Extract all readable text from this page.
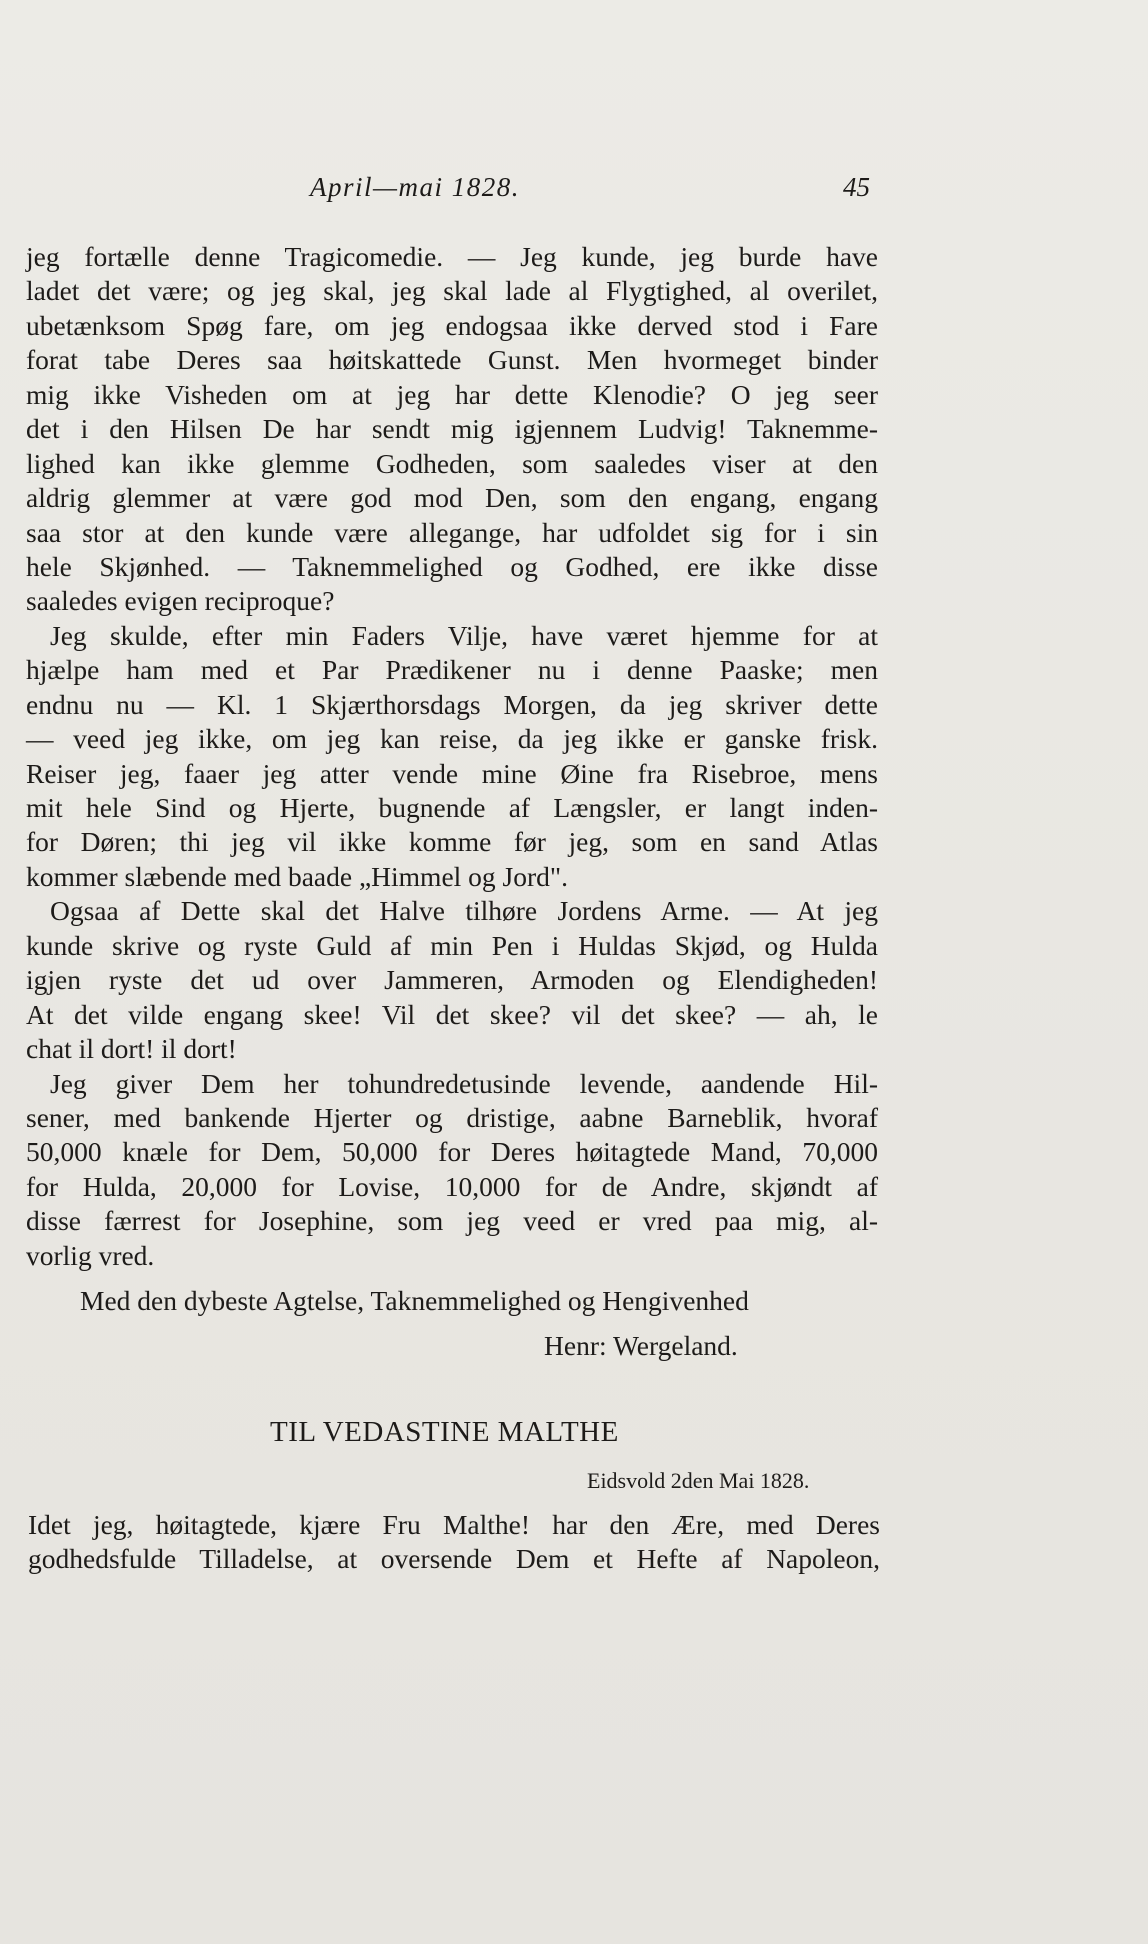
April—mai 1828.	45
jeg fortælle denne Tragicomedie. — Jeg kunde, jeg burde have
ladet det være; og jeg skal, jeg skal lade al Flygtighed, al overilet,
ubetænksom Spøg fare, om jeg endogsaa ikke derved stod i Fare
forat tabe Deres saa høitskattede Gunst. Men hvormeget binder
mig ikke Visheden om at jeg har dette Klenodie? O jeg seer
det i den Hilsen De har sendt mig igjennem Ludvig! Taknemme-
lighed kan ikke glemme Godheden, som saaledes viser at den
aldrig glemmer at være god mod Den, som den engang, engang
saa stor at den kunde være allegange, har udfoldet sig for i sin
hele Skjønhed. — Taknemmelighed og Godhed, ere ikke disse
saaledes evigen reciproque?
Jeg skulde, efter min Faders Vilje, have været hjemme for at
hjælpe ham med et Par Prædikener nu i denne Paaske; men
endnu nu — Kl. 1 Skjærthorsdags Morgen, da jeg skriver dette
— veed jeg ikke, om jeg kan reise, da jeg ikke er ganske frisk.
Reiser jeg, faaer jeg atter vende mine Øine fra Risebroe, mens
mit hele Sind og Hjerte, bugnende af Længsler, er langt inden-
for Døren; thi jeg vil ikke komme før jeg, som en sand Atlas
kommer slæbende med baade „Himmel og Jord".
Ogsaa af Dette skal det Halve tilhøre Jordens Arme. — At jeg
kunde skrive og ryste Guld af min Pen i Huldas Skjød, og Hulda
igjen ryste det ud over Jammeren, Armoden og Elendigheden!
At det vilde engang skee! Vil det skee? vil det skee? — ah, le
chat il dort! il dort!
Jeg giver Dem her tohundredetusinde levende, aandende Hil-
sener, med bankende Hjerter og dristige, aabne Barneblik, hvoraf
50,000 knæle for Dem, 50,000 for Deres høitagtede Mand, 70,000
for Hulda, 20,000 for Lovise, 10,000 for de Andre, skjøndt af
disse færrest for Josephine, som jeg veed er vred paa mig, al-
vorlig vred.
Med den dybeste Agtelse, Taknemmelighed og Hengivenhed
Henr: Wergeland.
TIL VEDASTINE MALTHE
Eidsvold 2den Mai 1828.
Idet jeg, høitagtede, kjære Fru Malthe! har den Ære, med Deres
godhedsfulde Tilladelse, at oversende Dem et Hefte af Napoleon,
